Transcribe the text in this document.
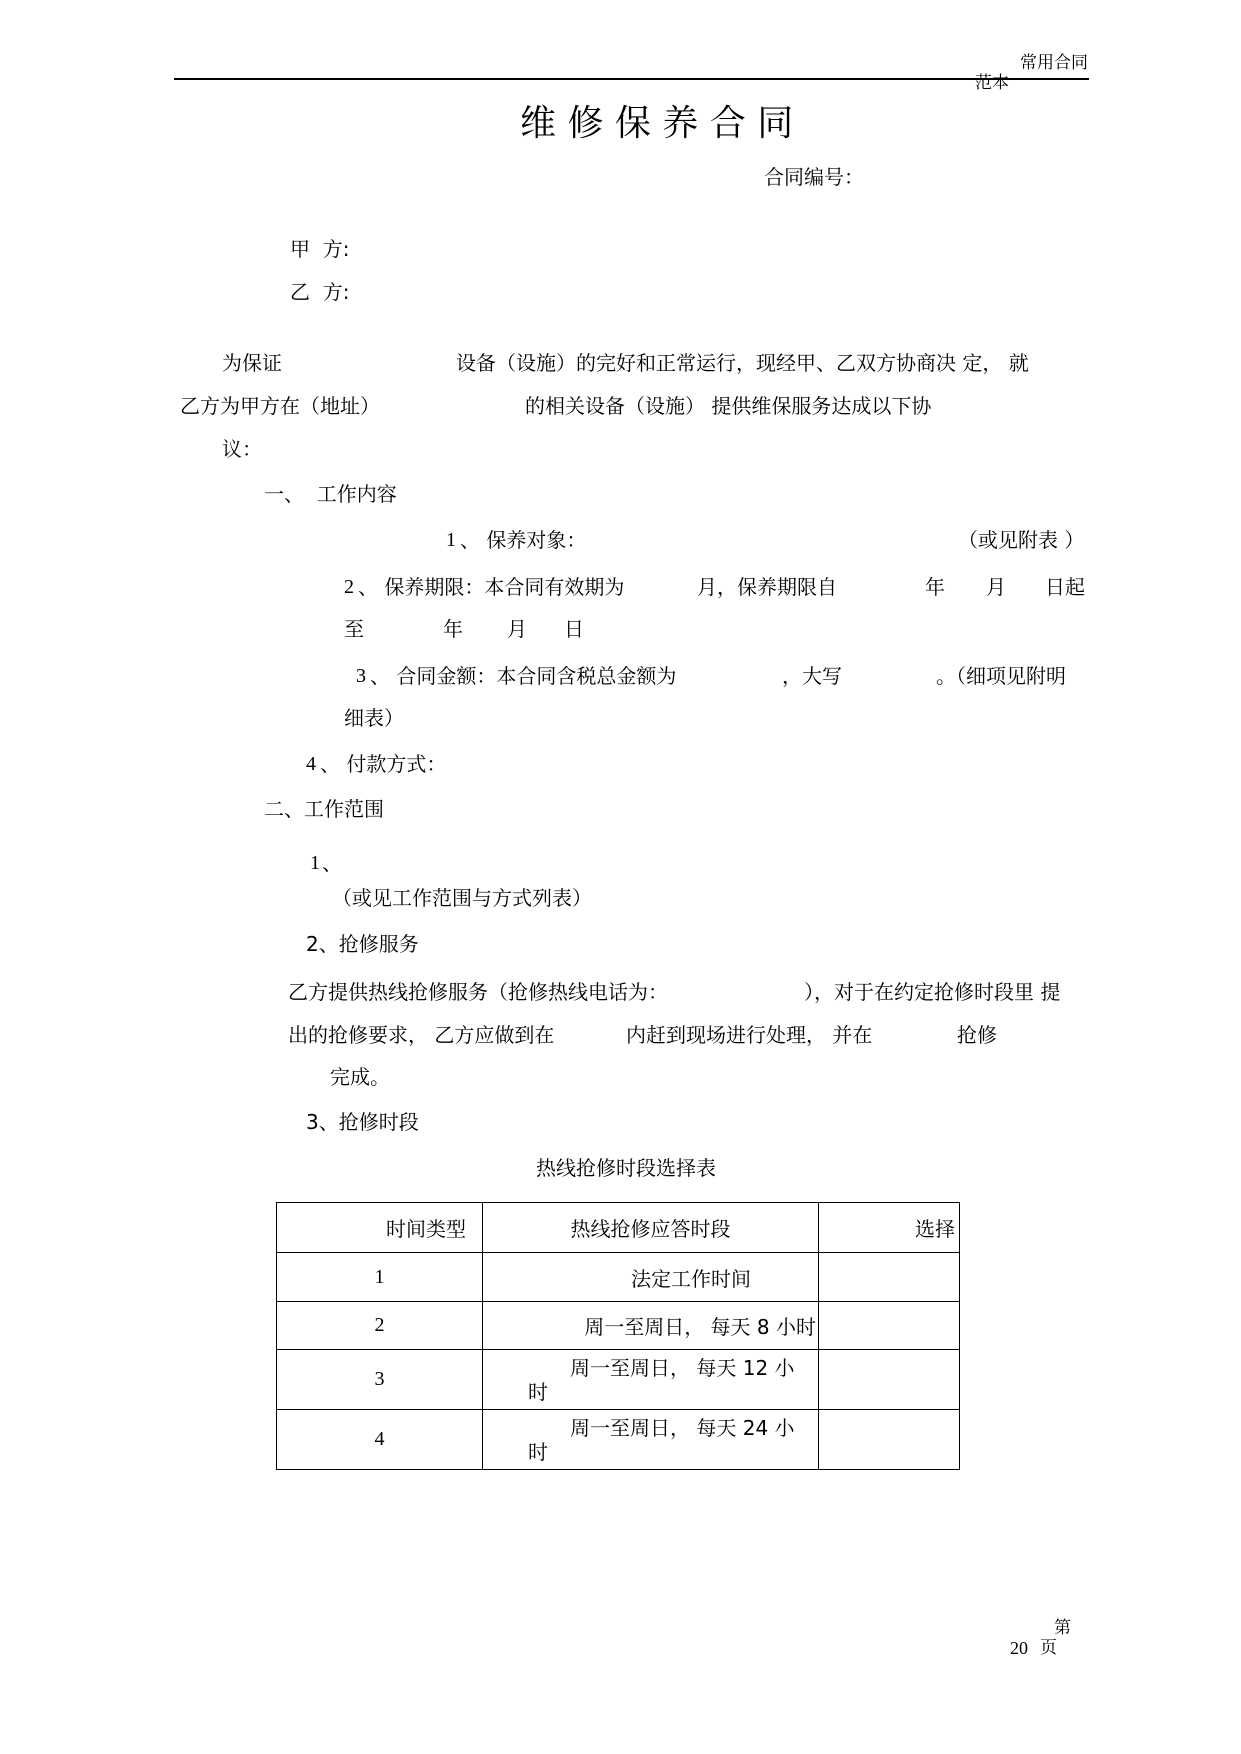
常用合同
范本
维 修 保 养 合 同
合同编号：
甲  方:
乙  方:
为保证	设备（设施）的完好和正常运行，现经甲、乙双方协商决 定， 就
乙方为甲方在（地址）	的相关设备（设施） 提供维保服务达成以下协
议：
一、  工作内容
1 、 保养对象：	（或见附表 ）
2 、 保养期限：本合同有效期为	月，保养期限自	年 月 日起
至	年 月 日
3 、 合同金额：本合同含税总金额为	，大写	。（细项见附明
细表）
4 、 付款方式：
二、工作范围
1 、
（或见工作范围与方式列表）
2、抢修服务
乙方提供热线抢修服务（抢修热线电话为：	），对于在约定抢修时段里 提
出的抢修要求， 乙方应做到在	内赶到现场进行处理， 并在	抢修
完成。
3、抢修时段
热线抢修时段选择表
时间类型	热线抢修应答时段	选择
1	法定工作时间	
2	周一至周日， 每天 8 小时	
3	周一至周日， 每天 12 小
时	

4	周一至周日， 每天 24 小
时	

第
20 页
